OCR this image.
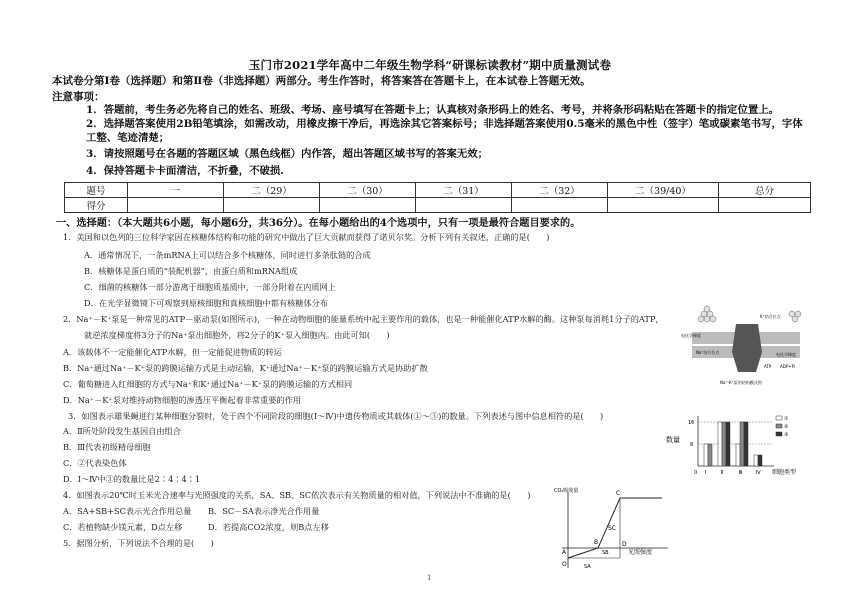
玉门市2021学年高中二年级生物学科“研课标读教材”期中质量测试卷
本试卷分第Ⅰ卷（选择题）和第Ⅱ卷（非选择题）两部分。考生作答时，将答案答在答题卡上，在本试卷上答题无效。
注意事项：
1．答题前，考生务必先将自己的姓名、班级、考场、座号填写在答题卡上；认真核对条形码上的姓名、考号，并将条形码粘贴在答题卡的指定位置上。
2．选择题答案使用2B铅笔填涂，如需改动，用橡皮擦干净后，再选涂其它答案标号；非选择题答案使用0.5毫米的黑色中性（签字）笔或碳素笔书写，字体工整、笔迹清楚；
3．请按照题号在各题的答题区域（黑色线框）内作答，超出答题区域书写的答案无效；
4．保持答题卡卡面清洁，不折叠，不破损.
题号	一	二（29）	二（30）	二（31）	二（32）	二（39/40）	总分
得分							
一、选择题：（本大题共6小题，每小题6分，共36分）。在每小题给出的4个选项中，只有一项是最符合题目要求的。
1．美国和以色列的三位科学家因在核糖体结构和功能的研究中做出了巨大贡献而获得了诺贝尔奖。分析下列有关叙述，正确的是(　　)
A．通常情况下，一条mRNA上可以结合多个核糖体，同时进行多条肽链的合成
B．核糖体是蛋白质的“装配机器”，由蛋白质和mRNA组成
C．细菌的核糖体一部分游离于细胞质基质中，一部分附着在内质网上
D．在光学显微镜下可观察到原核细胞和真核细胞中都有核糖体分布
2．Na⁺－K⁺泵是一种常见的ATP－驱动泵(如图所示)，一种在动物细胞的能量系统中起主要作用的载体，也是一种能催化ATP水解的酶。这种泵每消耗1分子的ATP，
就逆浓度梯度将3分子的Na⁺泵出细胞外，将2分子的K⁺泵入细胞内。由此可知(　　)
A．该载体不一定能催化ATP水解，但一定能促进物质的转运
B．Na⁺通过Na⁺－K⁺泵的跨膜运输方式是主动运输，K⁺通过Na⁺－K⁺泵的跨膜运输方式是协助扩散
C．葡萄糖进入红细胞的方式与Na⁺和K⁺通过Na⁺－K⁺泵的跨膜运输的方式相同
D．Na⁺－K⁺泵对维持动物细胞的渗透压平衡起着非常重要的作用
K⁺结合位点
Na⁺结合位点
电化学梯度
电化学梯度
ATP ADP+Pi
Na⁺-K⁺泵的结构模式图
3．如图表示雄果蝇进行某种细胞分裂时，处于四个不同阶段的细胞(Ⅰ～Ⅳ)中遗传物质或其载体(①～③)的数量。下列表述与图中信息相符的是(　　)
A．Ⅱ所处阶段发生基因自由组合
B．Ⅲ代表初级精母细胞
C．②代表染色体
D．Ⅰ～Ⅳ中③的数量比是2∶4∶4∶1
数量
16
8
0 Ⅰ	Ⅱ	Ⅲ	Ⅳ 细胞类型
①
②
③
4．如图表示20℃时玉米光合速率与光照强度的关系，SA、SB、SC依次表示有关物质量的相对值，下列说法中不准确的是(　　)
A．SA+SB+SC表示光合作用总量 B．SC－SA表示净光合作用量
C．若植物缺少镁元素，D点左移	D．若提高CO2浓度，则B点左移
CO₂吸收量
光照强度
A
B
C
D
O
SC
SB
SA
5．据图分析，下列说法不合理的是(　　)
1
